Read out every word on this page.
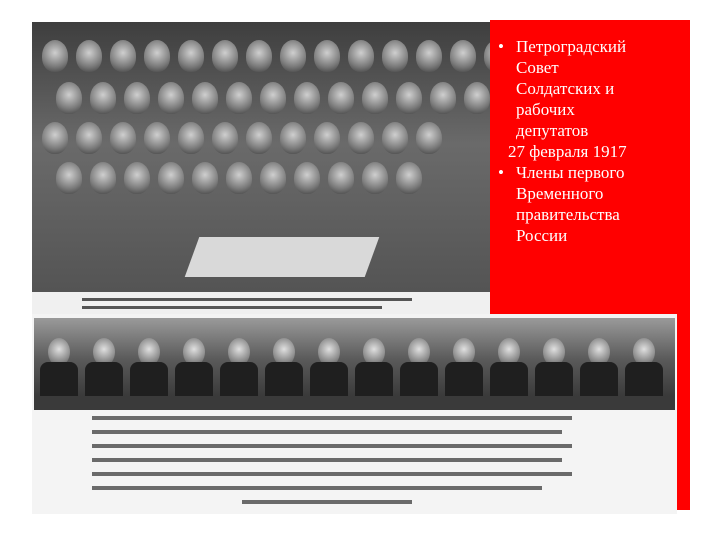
• Петроградский
Совет
Солдатских и
рабочих
депутатов
27 февраля 1917
• Члены первого
Временного
правительства
России
